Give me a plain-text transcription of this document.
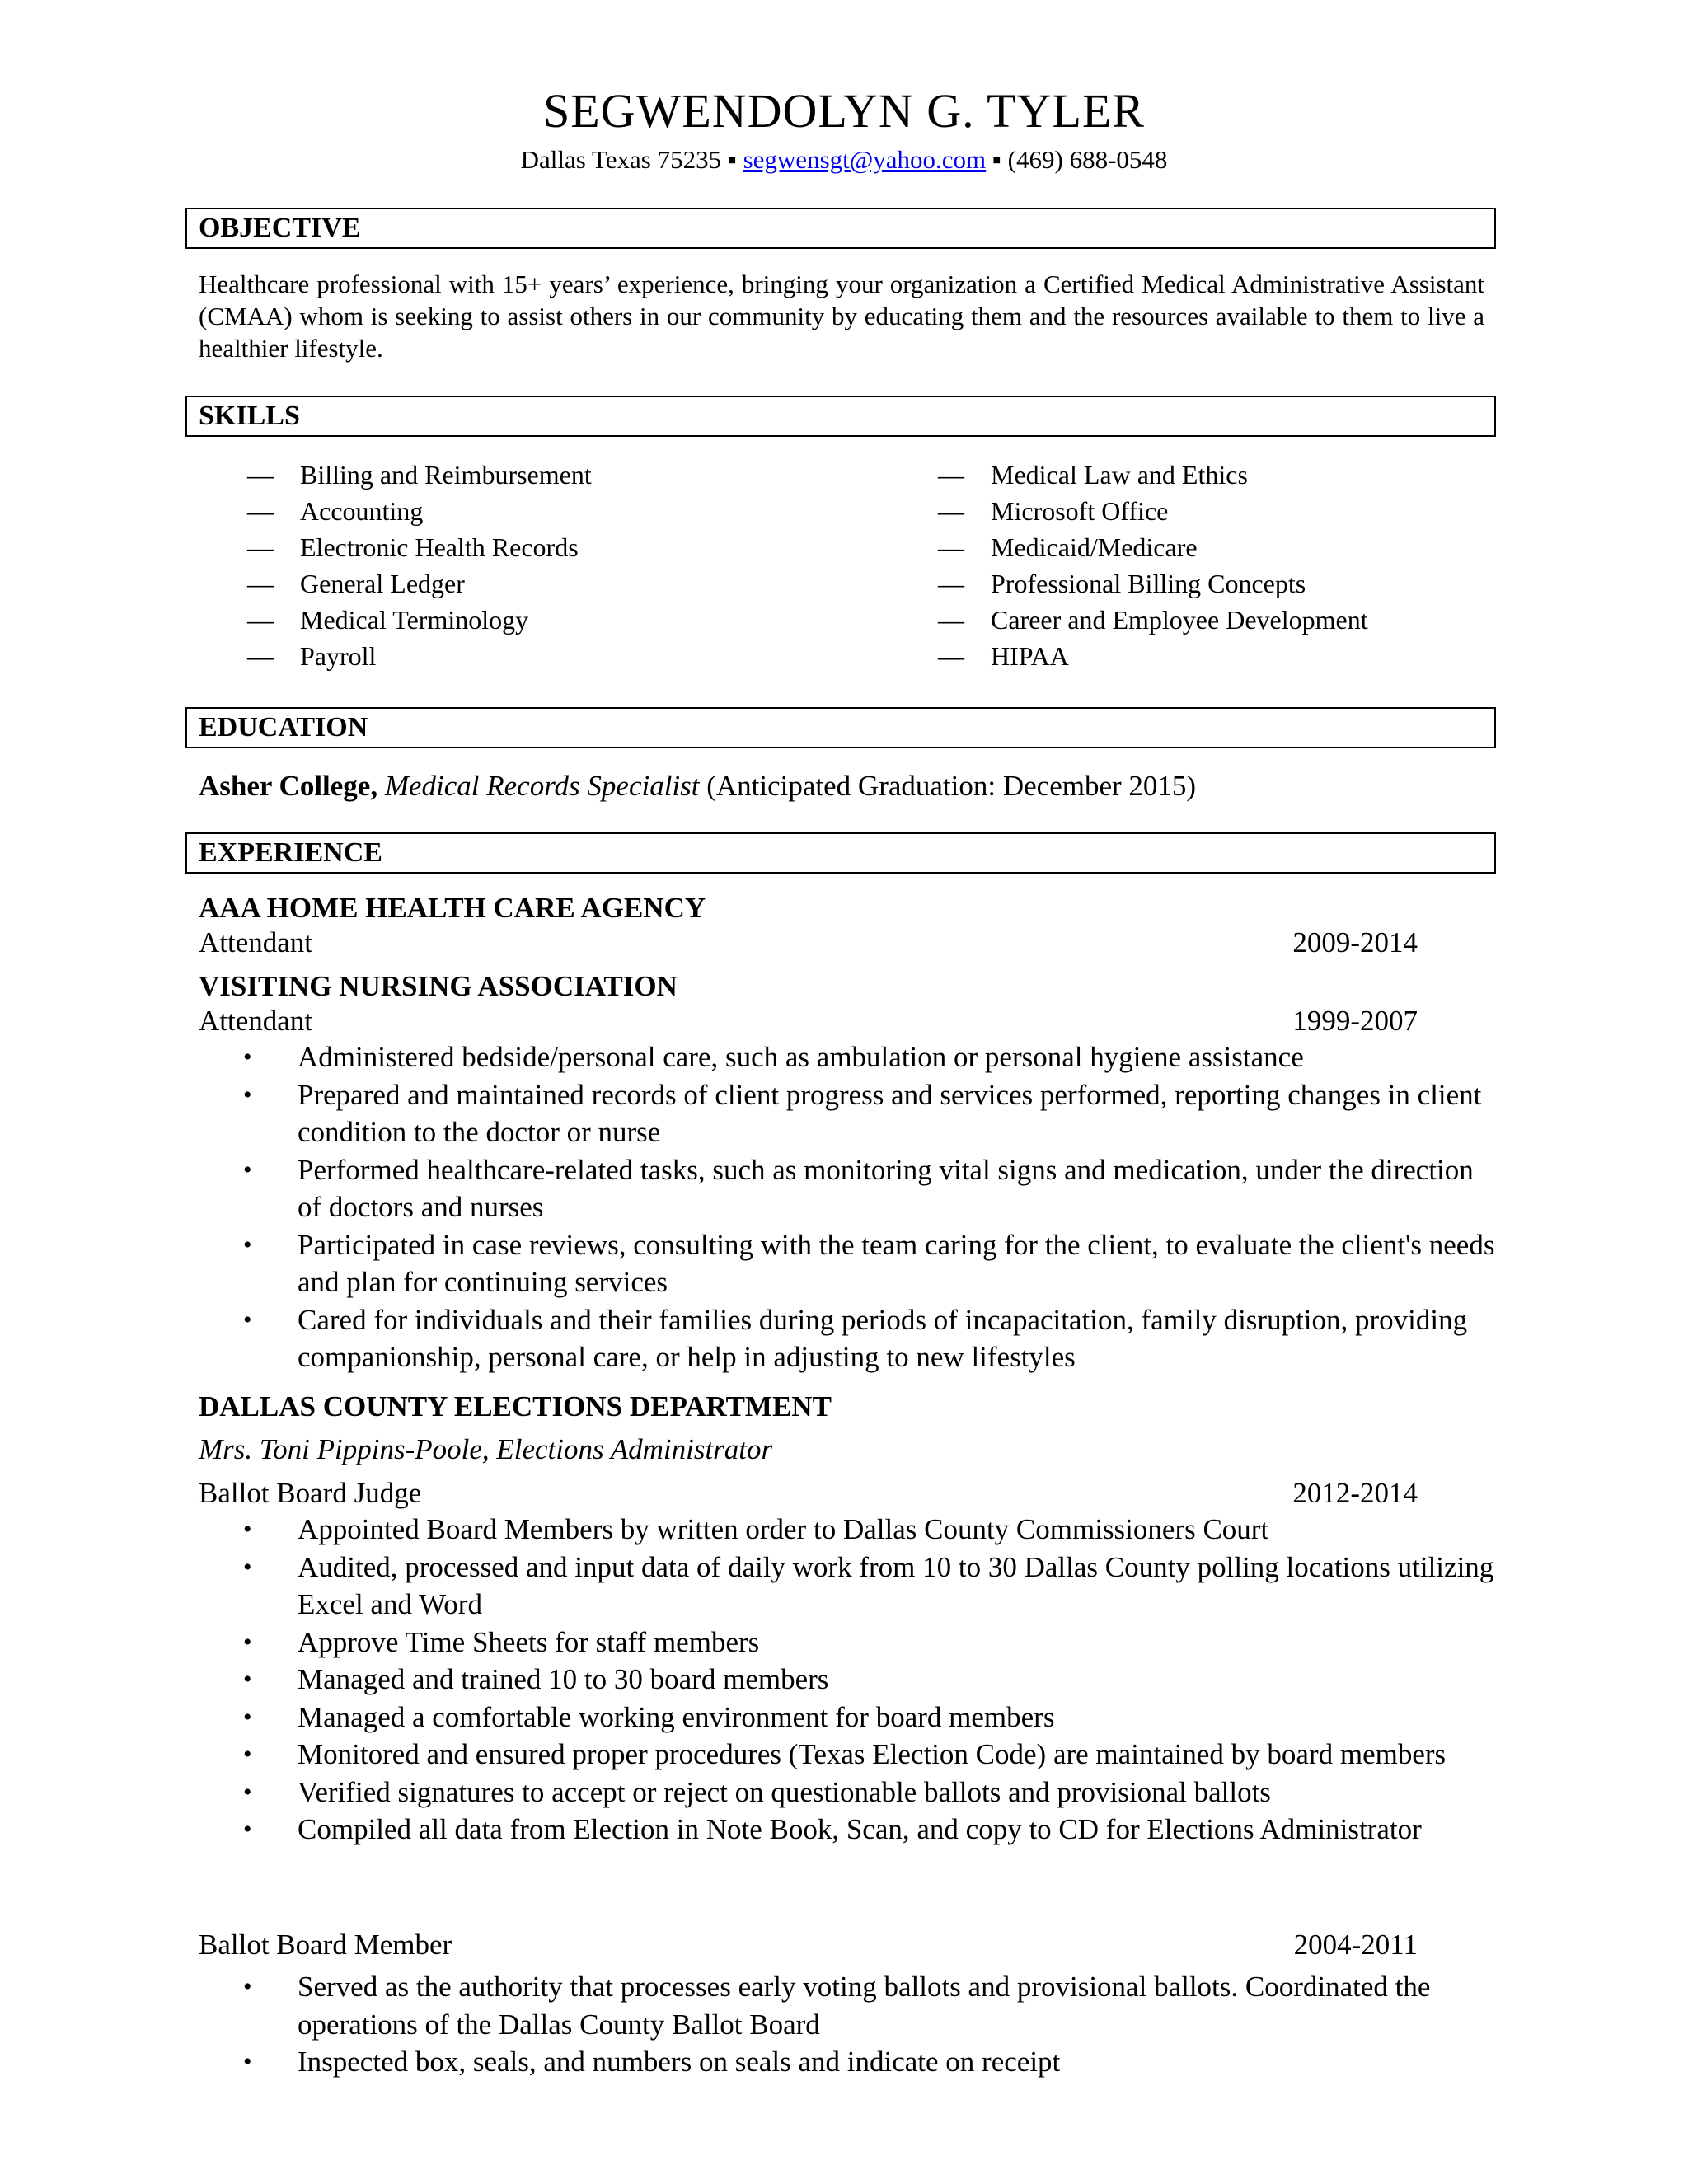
SEGWENDOLYN G. TYLER
Dallas Texas 75235 ▪ segwensgt@yahoo.com ▪ (469) 688-0548
OBJECTIVE

Healthcare professional with 15+ years’ experience, bringing your organization a Certified Medical Administrative Assistant (CMAA) whom is seeking to assist others in our community by educating them and the resources available to them to live a healthier lifestyle.

SKILLS
— Billing and Reimbursement
— Accounting
— Electronic Health Records
— General Ledger
— Medical Terminology
— Payroll
— Medical Law and Ethics
— Microsoft Office
— Medicaid/Medicare
— Professional Billing Concepts
— Career and Employee Development
— HIPAA
EDUCATION
Asher College, Medical Records Specialist (Anticipated Graduation: December 2015)
EXPERIENCE
AAA HOME HEALTH CARE AGENCY
Attendant	2009-2014
VISITING NURSING ASSOCIATION
Attendant	1999-2007
•	Administered bedside/personal care, such as ambulation or personal hygiene assistance
•	Prepared and maintained records of client progress and services performed, reporting changes in client condition to the doctor or nurse
•	Performed healthcare-related tasks, such as monitoring vital signs and medication, under the direction of doctors and nurses
•	Participated in case reviews, consulting with the team caring for the client, to evaluate the client's needs and plan for continuing services
•	Cared for individuals and their families during periods of incapacitation, family disruption, providing companionship, personal care, or help in adjusting to new lifestyles
DALLAS COUNTY ELECTIONS DEPARTMENT
Mrs. Toni Pippins-Poole, Elections Administrator
Ballot Board Judge	2012-2014
•	Appointed Board Members by written order to Dallas County Commissioners Court
•	Audited, processed and input data of daily work from 10 to 30 Dallas County polling locations utilizing Excel and Word
•	Approve Time Sheets for staff members
•	Managed and trained 10 to 30 board members
•	Managed a comfortable working environment for board members
•	Monitored and ensured proper procedures (Texas Election Code) are maintained by board members
•	Verified signatures to accept or reject on questionable ballots and provisional ballots
•	Compiled all data from Election in Note Book, Scan, and copy to CD for Elections Administrator
Ballot Board Member	2004-2011
•	Served as the authority that processes early voting ballots and provisional ballots. Coordinated the operations of the Dallas County Ballot Board
•	Inspected box, seals, and numbers on seals and indicate on receipt
